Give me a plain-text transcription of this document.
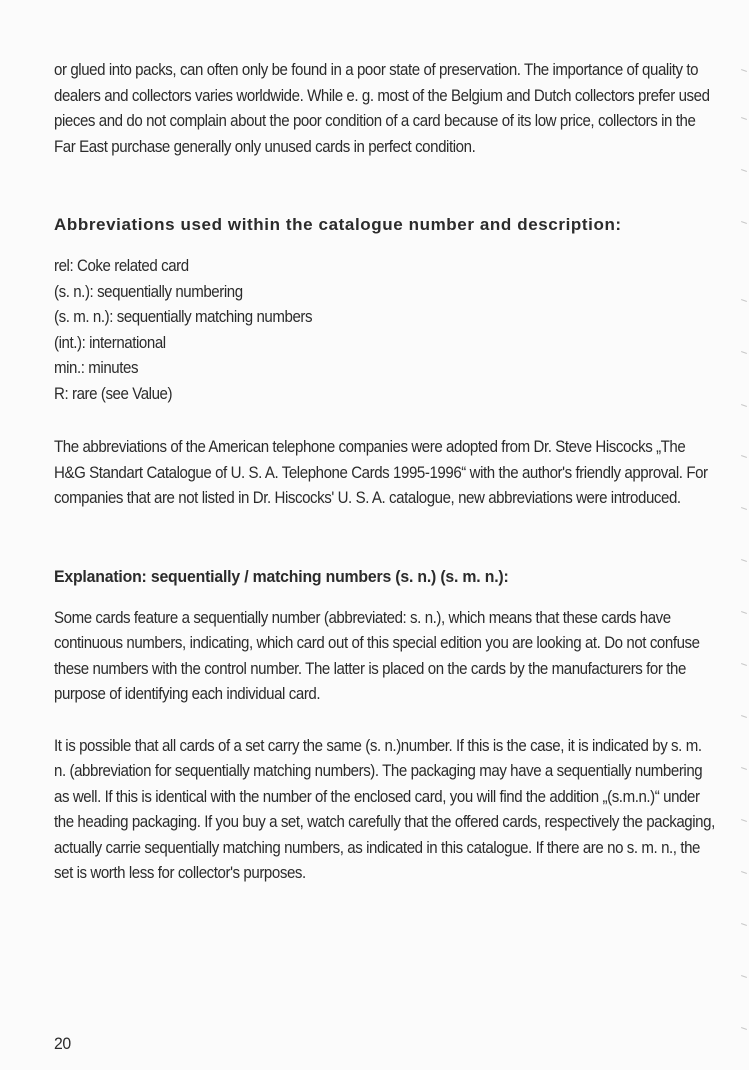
or glued into packs, can often only be found in a poor state of preservation. The importance of quality to dealers and collectors varies worldwide. While e. g. most of the Belgium and Dutch collectors prefer used pieces and do not complain about the poor condition of a card because of its low price, collectors in the Far East purchase generally only unused cards in perfect condition.

Abbreviations used within the catalogue number and description:
rel: Coke related card
(s. n.): sequentially numbering
(s. m. n.): sequentially matching numbers
(int.): international
min.: minutes
R: rare (see Value)

The abbreviations of the American telephone companies were adopted from Dr. Steve Hiscocks „The H&G Standart Catalogue of U. S. A. Telephone Cards 1995-1996“ with the author's friendly approval. For companies that are not listed in Dr. Hiscocks' U. S. A. catalogue, new abbreviations were introduced.

Explanation: sequentially / matching numbers (s. n.) (s. m. n.):

Some cards feature a sequentially number (abbreviated: s. n.), which means that these cards have continuous numbers, indicating, which card out of this special edition you are looking at. Do not confuse these numbers with the control number. The latter is placed on the cards by the manufacturers for the purpose of identifying each individual card.

It is possible that all cards of a set carry the same (s. n.)number. If this is the case, it is indicated by s. m. n. (abbreviation for sequentially matching numbers). The packaging may have a sequentially numbering as well. If this is identical with the number of the enclosed card, you will find the addition „(s.m.n.)“ under the heading packaging. If you buy a set, watch carefully that the offered cards, respectively the packaging, actually carrie sequentially matching numbers, as indicated in this catalogue. If there are no s. m. n., the set is worth less for collector's purposes.

20
